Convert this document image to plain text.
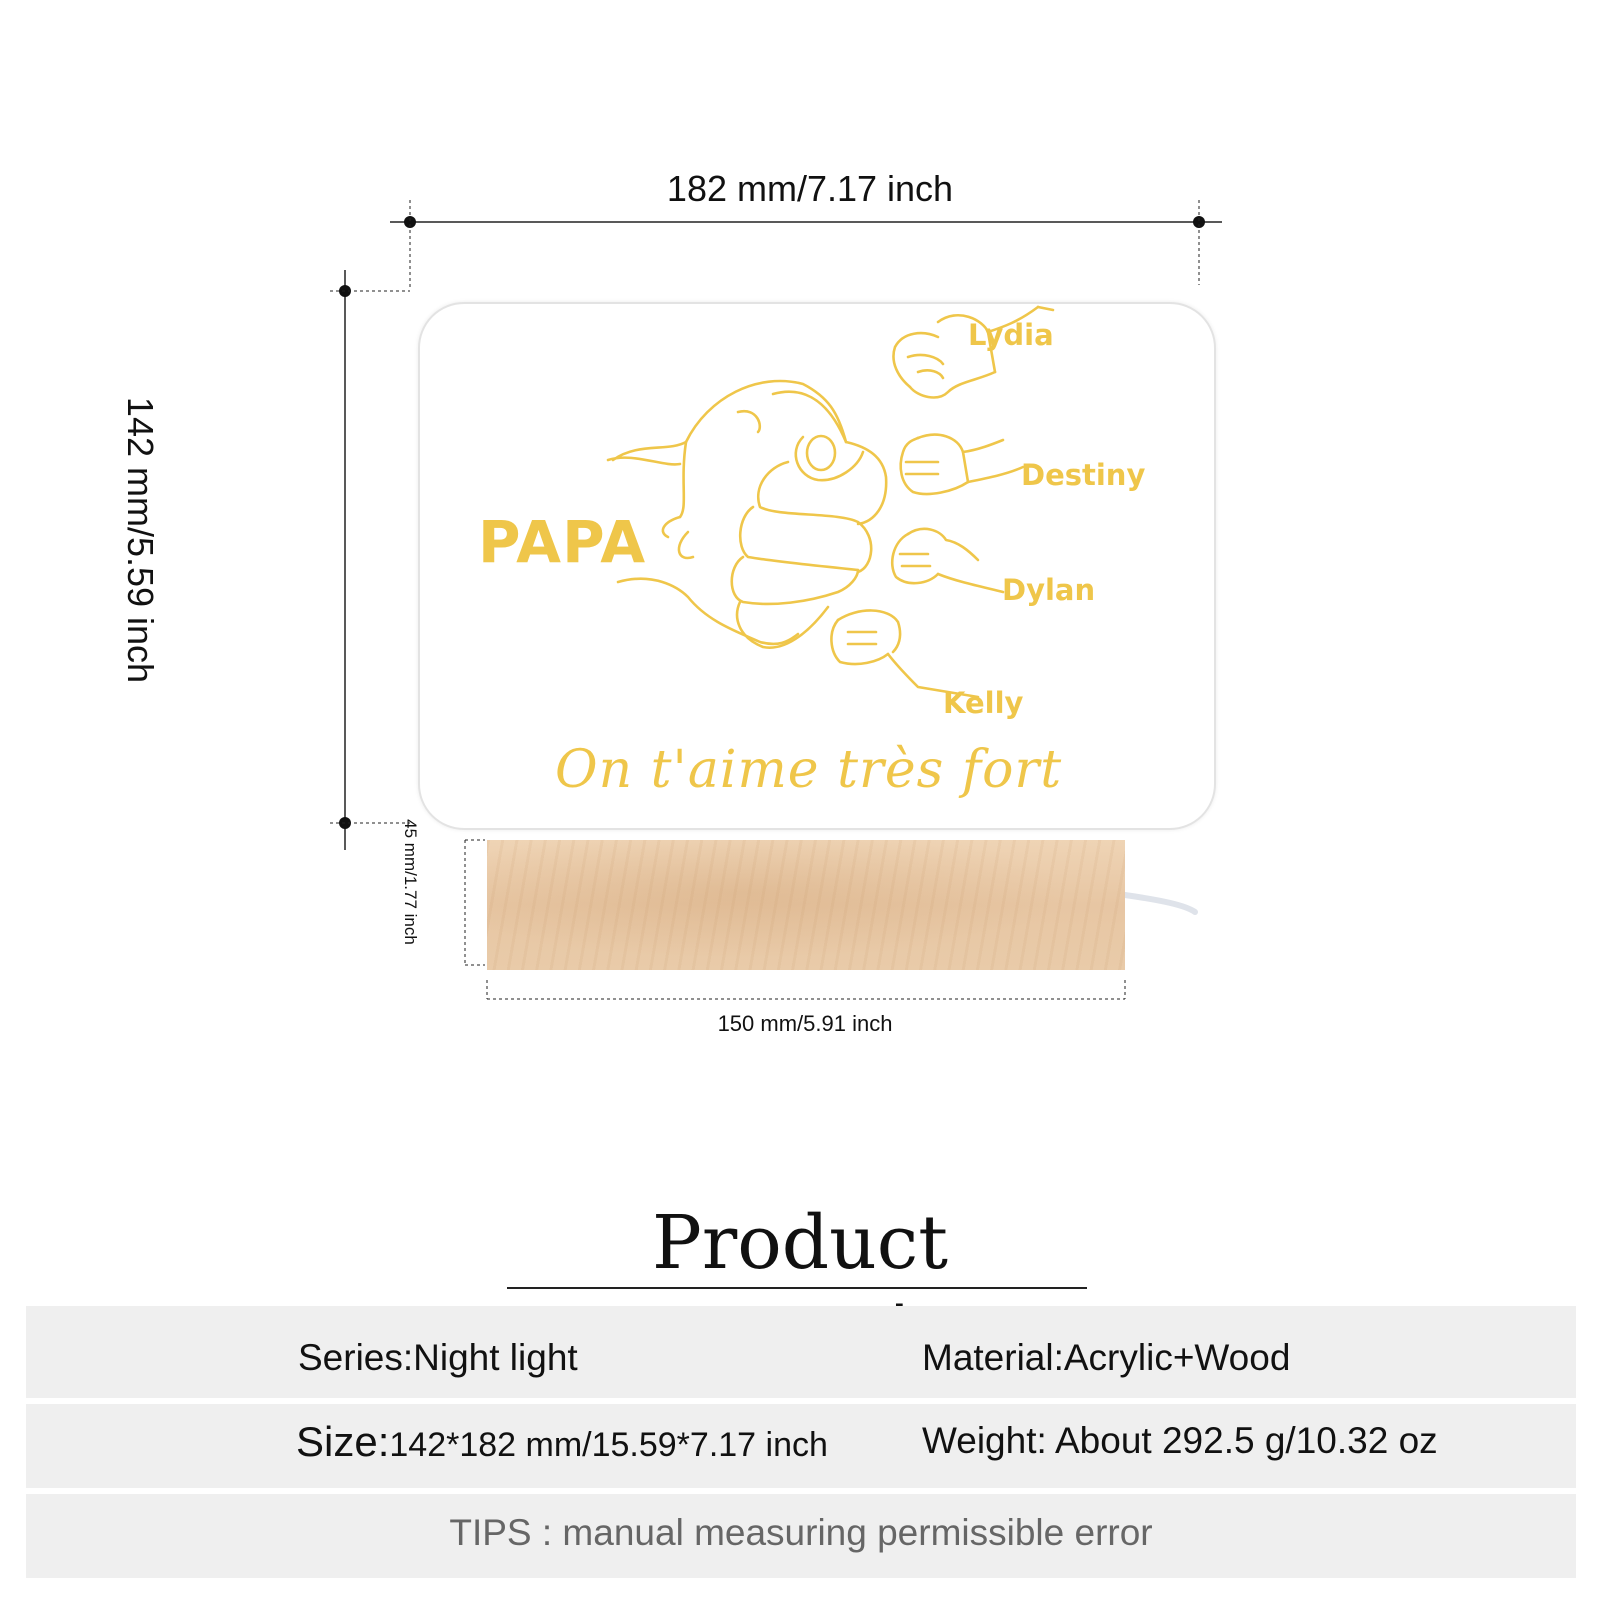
182 mm/7.17 inch
142 mm/5.59 inch
45 mm/1.77 inch
150 mm/5.91 inch
PAPA
Lydia
Destiny
Dylan
Kelly
On t'aime très fort
Product
Series:Night light	Material:Acrylic+Wood
Size:142*182 mm/15.59*7.17 inch	Weight: About 292.5 g/10.32 oz
TIPS : manual measuring permissible error
